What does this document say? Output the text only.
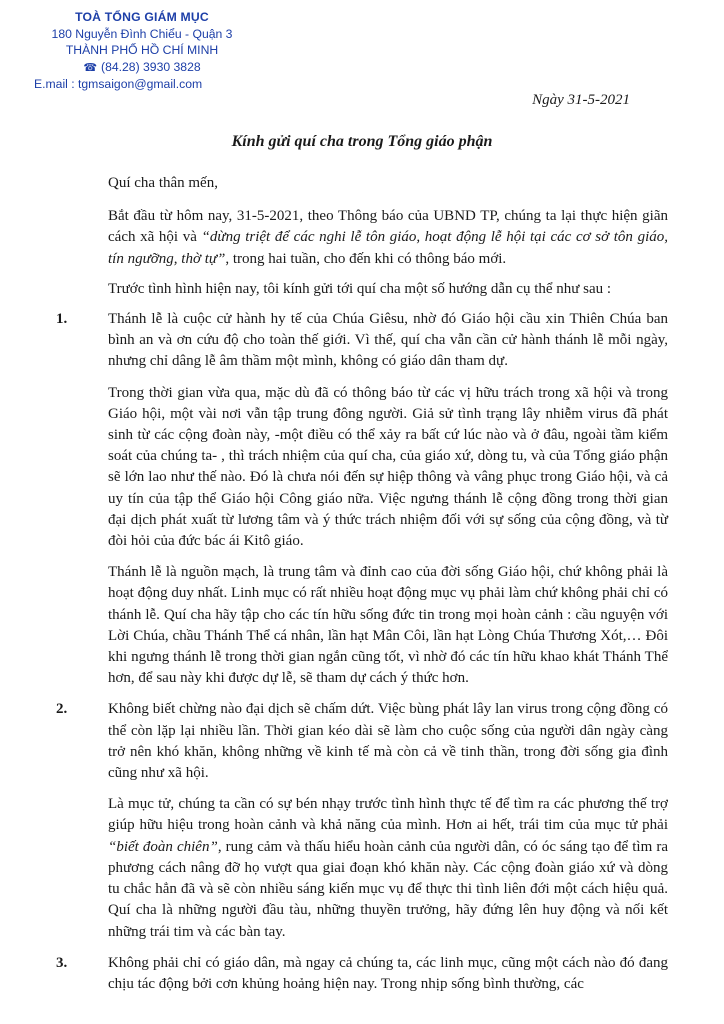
TOÀ TỔNG GIÁM MỤC
180 Nguyễn Đình Chiểu - Quận 3
THÀNH PHỐ HỒ CHÍ MINH
☎ (84.28) 3930 3828
E.mail : tgmsaigon@gmail.com
Ngày 31-5-2021
Kính gửi quí cha trong Tổng giáo phận

Quí cha thân mến,

Bắt đầu từ hôm nay, 31-5-2021, theo Thông báo của UBND TP, chúng ta lại thực hiện giãn cách xã hội và “dừng triệt để các nghi lễ tôn giáo, hoạt động lễ hội tại các cơ sở tôn giáo, tín ngưỡng, thờ tự”, trong hai tuần, cho đến khi có thông báo mới.

Trước tình hình hiện nay, tôi kính gửi tới quí cha một số hướng dẫn cụ thể như sau :

1.	Thánh lễ là cuộc cử hành hy tế của Chúa Giêsu, nhờ đó Giáo hội cầu xin Thiên Chúa ban bình an và ơn cứu độ cho toàn thế giới. Vì thế, quí cha vẫn cần cử hành thánh lễ mỗi ngày, nhưng chỉ dâng lễ âm thầm một mình, không có giáo dân tham dự.

Trong thời gian vừa qua, mặc dù đã có thông báo từ các vị hữu trách trong xã hội và trong Giáo hội, một vài nơi vẫn tập trung đông người. Giả sử tình trạng lây nhiễm virus đã phát sinh từ các cộng đoàn này, -một điều có thể xảy ra bất cứ lúc nào và ở đâu, ngoài tầm kiểm soát của chúng ta- , thì trách nhiệm của quí cha, của giáo xứ, dòng tu, và của Tổng giáo phận sẽ lớn lao như thế nào. Đó là chưa nói đến sự hiệp thông và vâng phục trong Giáo hội, và cả uy tín của tập thể Giáo hội Công giáo nữa. Việc ngưng thánh lễ cộng đồng trong thời gian đại dịch phát xuất từ lương tâm và ý thức trách nhiệm đối với sự sống của cộng đồng, và từ đòi hỏi của đức bác ái Kitô giáo.

Thánh lễ là nguồn mạch, là trung tâm và đỉnh cao của đời sống Giáo hội, chứ không phải là hoạt động duy nhất. Linh mục có rất nhiều hoạt động mục vụ phải làm chứ không phải chỉ có thánh lễ. Quí cha hãy tập cho các tín hữu sống đức tin trong mọi hoàn cảnh : cầu nguyện với Lời Chúa, chầu Thánh Thể cá nhân, lần hạt Mân Côi, lần hạt Lòng Chúa Thương Xót,… Đôi khi ngưng thánh lễ trong thời gian ngắn cũng tốt, vì nhờ đó các tín hữu khao khát Thánh Thể hơn, để sau này khi được dự lễ, sẽ tham dự cách ý thức hơn.

2.	Không biết chừng nào đại dịch sẽ chấm dứt. Việc bùng phát lây lan virus trong cộng đồng có thể còn lặp lại nhiều lần. Thời gian kéo dài sẽ làm cho cuộc sống của người dân ngày càng trở nên khó khăn, không những về kinh tế mà còn cả về tinh thần, trong đời sống gia đình cũng như xã hội.

Là mục tử, chúng ta cần có sự bén nhạy trước tình hình thực tế để tìm ra các phương thế trợ giúp hữu hiệu trong hoàn cảnh và khả năng của mình. Hơn ai hết, trái tim của mục tử phải “biết đoàn chiên”, rung cảm và thấu hiểu hoàn cảnh của người dân, có óc sáng tạo để tìm ra phương cách nâng đỡ họ vượt qua giai đoạn khó khăn này. Các cộng đoàn giáo xứ và dòng tu chắc hẳn đã và sẽ còn nhiều sáng kiến mục vụ để thực thi tình liên đới một cách hiệu quả. Quí cha là những người đầu tàu, những thuyền trưởng, hãy đứng lên huy động và nối kết những trái tim và các bàn tay.

3.	Không phải chỉ có giáo dân, mà ngay cả chúng ta, các linh mục, cũng một cách nào đó đang chịu tác động bởi cơn khủng hoảng hiện nay. Trong nhịp sống bình thường, các
